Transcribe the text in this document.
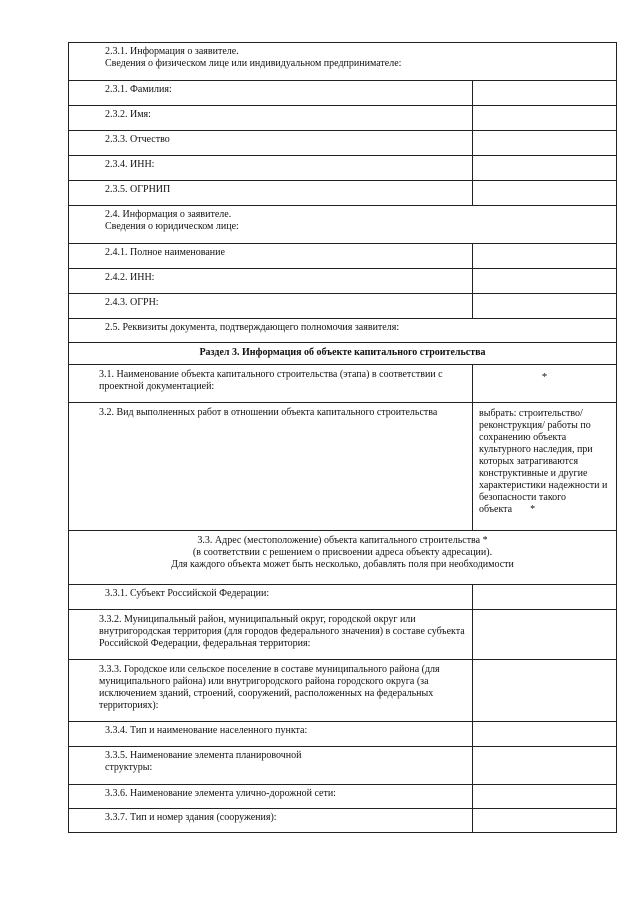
2.3.1. Информация о заявителе.
Сведения о физическом лице или индивидуальном предпринимателе:	

2.3.1. Фамилия:	
2.3.2. Имя:	
2.3.3. Отчество	
2.3.4. ИНН:	
2.3.5. ОГРНИП	

2.4. Информация о заявителе.
Сведения о юридическом лице:	

2.4.1. Полное наименование	
2.4.2. ИНН:	
2.4.3. ОГРН:	
2.5. Реквизиты документа, подтверждающего полномочия заявителя:	
Раздел 3. Информация об объекте капитального строительства	
3.1. Наименование объекта капитального строительства (этапа) в соответствии с проектной документацией:	*

3.2. Вид выполненных работ в отношении объекта капитального строительства	выбрать: строительство/ реконструкция/ работы по сохранению объекта культурного наследия, при которых затрагиваются конструктивные и другие характеристики надежности и безопасности такого объекта *

3.3. Адрес (местоположение) объекта капитального строительства *
(в соответствии с решением о присвоении адреса объекту адресации).
Для каждого объекта может быть несколько, добавлять поля при необходимости	

3.3.1. Субъект Российской Федерации:	
3.3.2. Муниципальный район, муниципальный округ, городской округ или внутригородская территория (для городов федерального значения) в составе субъекта Российской Федерации, федеральная территория:	
3.3.3. Городское или сельское поселение в составе муниципального района (для муниципального района) или внутригородского района городского округа (за исключением зданий, строений, сооружений, расположенных на федеральных территориях):	
3.3.4. Тип и наименование населенного пункта:	
3.3.5. Наименование элемента планировочной структуры:	
3.3.6. Наименование элемента улично-дорожной сети:	
3.3.7. Тип и номер здания (сооружения):	
